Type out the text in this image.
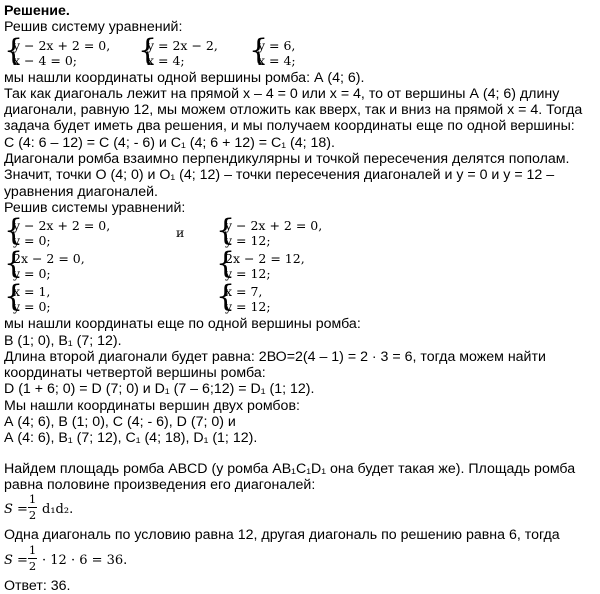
Решение.
Решив систему уравнений:
{
y − 2x + 2 = 0,
x − 4 = 0; {
y = 2x − 2,
x = 4; {
y = 6,
x = 4;
мы нашли координаты одной вершины ромба: А (4; 6).
Так как диагональ лежит на прямой х – 4 = 0 или х = 4, то от вершины А (4; 6) длину
диагонали, равную 12, мы можем отложить как вверх, так и вниз на прямой х = 4. Тогда
задача будет иметь два решения, и мы получаем координаты еще по одной вершины:
С (4: 6 – 12) = С (4; - 6) и С₁ (4; 6 + 12) = С₁ (4; 18).
Диагонали ромба взаимно перпендикулярны и точкой пересечения делятся пополам.
Значит, точки О (4; 0) и О₁ (4; 12) – точки пересечения диагоналей и y = 0 и y = 12 –
уравнения диагоналей.
Решив системы уравнений:
{
y − 2x + 2 = 0,
y = 0;
и {
y − 2x + 2 = 0,
y = 12;
{
2x − 2 = 0,
y = 0;	{
2x − 2 = 12,
y = 12;
{
x = 1,
y = 0;	{
x = 7,
y = 12;
мы нашли координаты еще по одной вершины ромба:
В (1; 0), В₁ (7; 12).
Длина второй диагонали будет равна: 2ВО=2(4 – 1) = 2 · 3 = 6, тогда можем найти
координаты четвертой вершины ромба:
D (1 + 6; 0) = D (7; 0) и D₁ (7 – 6;12) = D₁ (1; 12).
Мы нашли координаты вершин двух ромбов:
А (4; 6), В (1; 0), С (4; - 6), D (7; 0) и
А (4: 6), В₁ (7; 12), С₁ (4; 18), D₁ (1; 12).
Найдем площадь ромба ABCD (у ромба AB₁C₁D₁ она будет такая же). Площадь ромба
равна половине произведения его диагоналей:
S =
1
2 d₁d₂.
Одна диагональ по условию равна 12, другая диагональ по решению равна 6, тогда
S =
1
2 · 12 · 6 = 36.
Ответ: 36.
